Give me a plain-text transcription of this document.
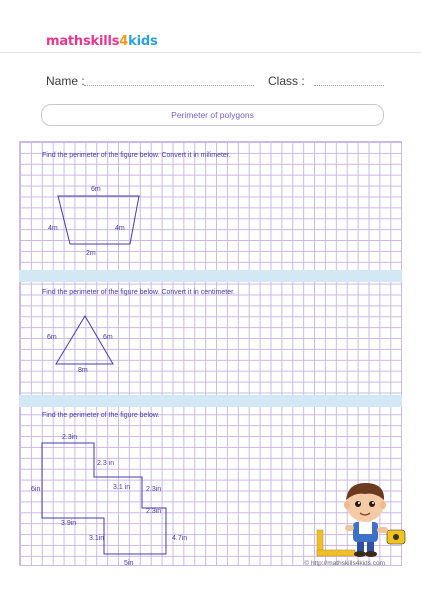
mathskills4kids
Name :	Class :
Perimeter of polygons
Find the perimeter of the figure below. Convert it in milimeter.
6m
4m	4m
2m
Find the perimeter of the figure below. Convert it in centimeter.
6m	6m
8m
Find the perimeter of the figure below.
2.3in
2.3 in
6in	3.1 in 2.3in
2.3in
3.9in
3.1in	4.7in
5in	© http://mathskills4kids.com
